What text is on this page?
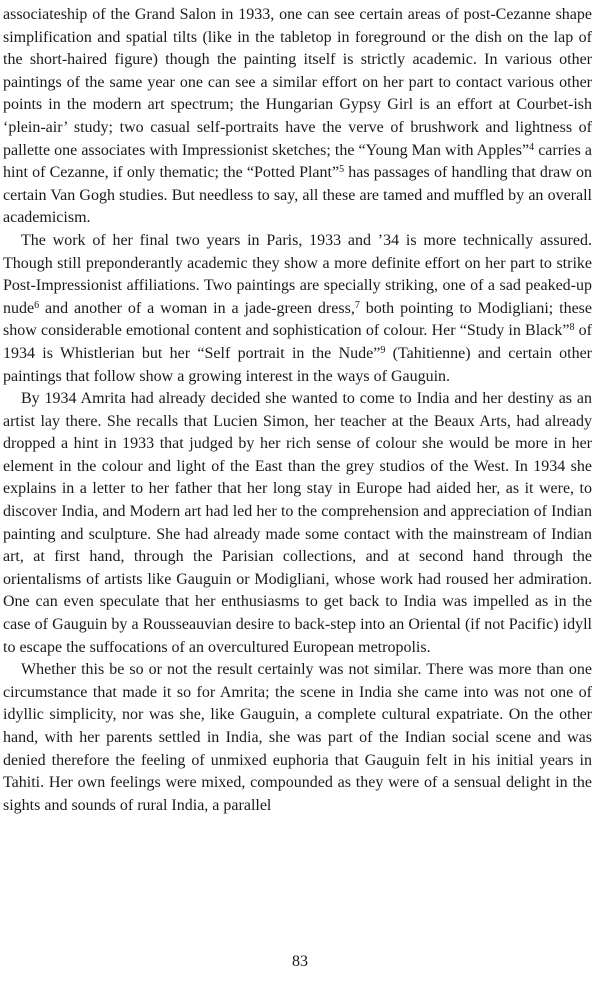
associateship of the Grand Salon in 1933, one can see certain areas of post-Cezanne shape simplification and spatial tilts (like in the tabletop in foreground or the dish on the lap of the short-haired figure) though the painting itself is strictly academic. In various other paintings of the same year one can see a similar effort on her part to contact various other points in the modern art spectrum; the Hungarian Gypsy Girl is an effort at Courbet-ish ‘plein-air’ study; two casual self-portraits have the verve of brushwork and lightness of pallette one associates with Impressionist sketches; the “Young Man with Apples”$^4$ carries a hint of Cezanne, if only thematic; the “Potted Plant”$^5$ has passages of handling that draw on certain Van Gogh studies. But needless to say, all these are tamed and muffled by an overall academicism.

The work of her final two years in Paris, 1933 and ’34 is more technically assured. Though still preponderantly academic they show a more definite effort on her part to strike Post-Impressionist affiliations. Two paintings are specially striking, one of a sad peaked-up nude$^6$ and another of a woman in a jade-green dress,$^7$ both pointing to Modigliani; these show considerable emotional content and sophistication of colour. Her “Study in Black”$^8$ of 1934 is Whistlerian but her “Self portrait in the Nude”$^9$ (Tahitienne) and certain other paintings that follow show a growing interest in the ways of Gauguin.

By 1934 Amrita had already decided she wanted to come to India and her destiny as an artist lay there. She recalls that Lucien Simon, her teacher at the Beaux Arts, had already dropped a hint in 1933 that judged by her rich sense of colour she would be more in her element in the colour and light of the East than the grey studios of the West. In 1934 she explains in a letter to her father that her long stay in Europe had aided her, as it were, to discover India, and Modern art had led her to the comprehension and appreciation of Indian painting and sculpture. She had already made some contact with the mainstream of Indian art, at first hand, through the Parisian collections, and at second hand through the orientalisms of artists like Gauguin or Modigliani, whose work had roused her admiration. One can even speculate that her enthusiasms to get back to India was impelled as in the case of Gauguin by a Rousseauvian desire to back-step into an Oriental (if not Pacific) idyll to escape the suffocations of an overcultured European metropolis.

Whether this be so or not the result certainly was not similar. There was more than one circumstance that made it so for Amrita; the scene in India she came into was not one of idyllic simplicity, nor was she, like Gauguin, a complete cultural expatriate. On the other hand, with her parents settled in India, she was part of the Indian social scene and was denied therefore the feeling of unmixed euphoria that Gauguin felt in his initial years in Tahiti. Her own feelings were mixed, compounded as they were of a sensual delight in the sights and sounds of rural India, a parallel

83
